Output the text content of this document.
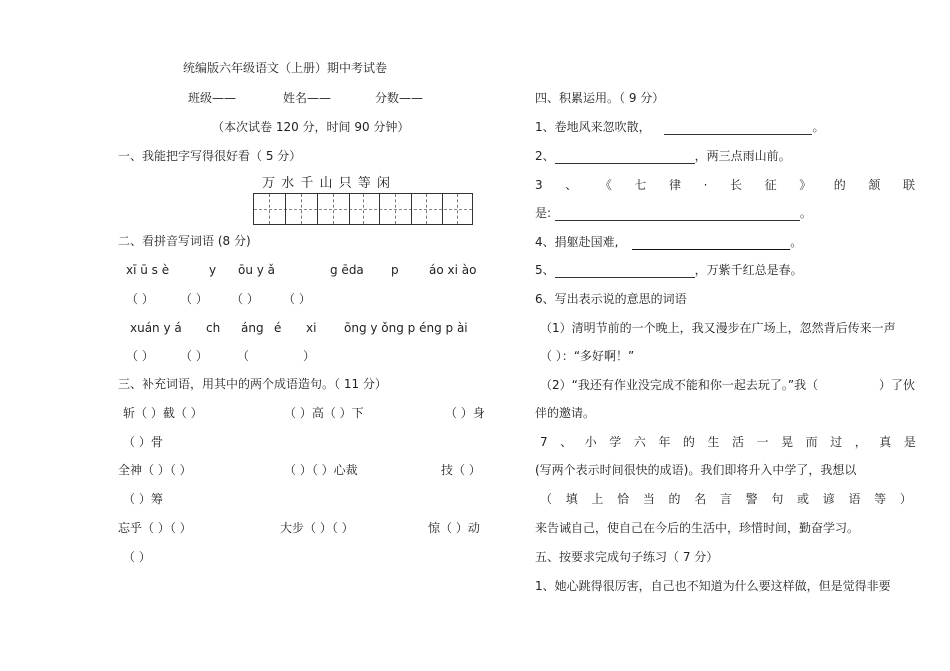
统编版六年级语文（上册）期中考试卷
班级——	姓名——	分数——
（本次试卷 120 分，时间 90 分钟）
一、我能把字写得很好看（ 5 分）
万 水 千 山 只 等 闲
二、看拼音写词语 (8 分)
xī ū s è	y ōu y ǎ	g ēda p	áo xi ào
（ ） （ ） （ ） （ ）
xuán y á ch áng é xi ōng y ǒng p éng p ài
（ ） （ ） （	）
三、补充词语，用其中的两个成语造句。（ 11 分）
斩（ ）截（ ）	（ ）高（ ）下	（ ）身
（ ）骨
全神（ ）（ ）	（ ）（ ）心裁	技（ ）
（ ）筹
忘乎（ ）（ ）	大步（ ）（ ）	惊（ ）动
（ ）
四、积累运用。（ 9 分）
1、卷地风来忽吹散，	。
2、	，两三点雨山前。
3 、 《 七 律 · 长 征 》 的 颔 联
是:	。
4、捐躯赴国难,	。
5、	，万紫千红总是春。
6、写出表示说的意思的词语
（1）清明节前的一个晚上，我又漫步在广场上，忽然背后传来一声
（ ）：“多好啊！”
（2）“我还有作业没完成不能和你一起去玩了。”我（	）了伙
伴的邀请。
7 、 小 学 六 年 的 生 活 一 晃 而 过 ， 真 是
(写两个表示时间很快的成语)。我们即将升入中学了，我想以
（ 填 上 恰 当 的 名 言 警 句 或 谚 语 等 ）
来告诫自己，使自己在今后的生活中，珍惜时间，勤奋学习。
五、按要求完成句子练习（ 7 分）
1、她心跳得很厉害，自己也不知道为什么要这样做，但是觉得非要
